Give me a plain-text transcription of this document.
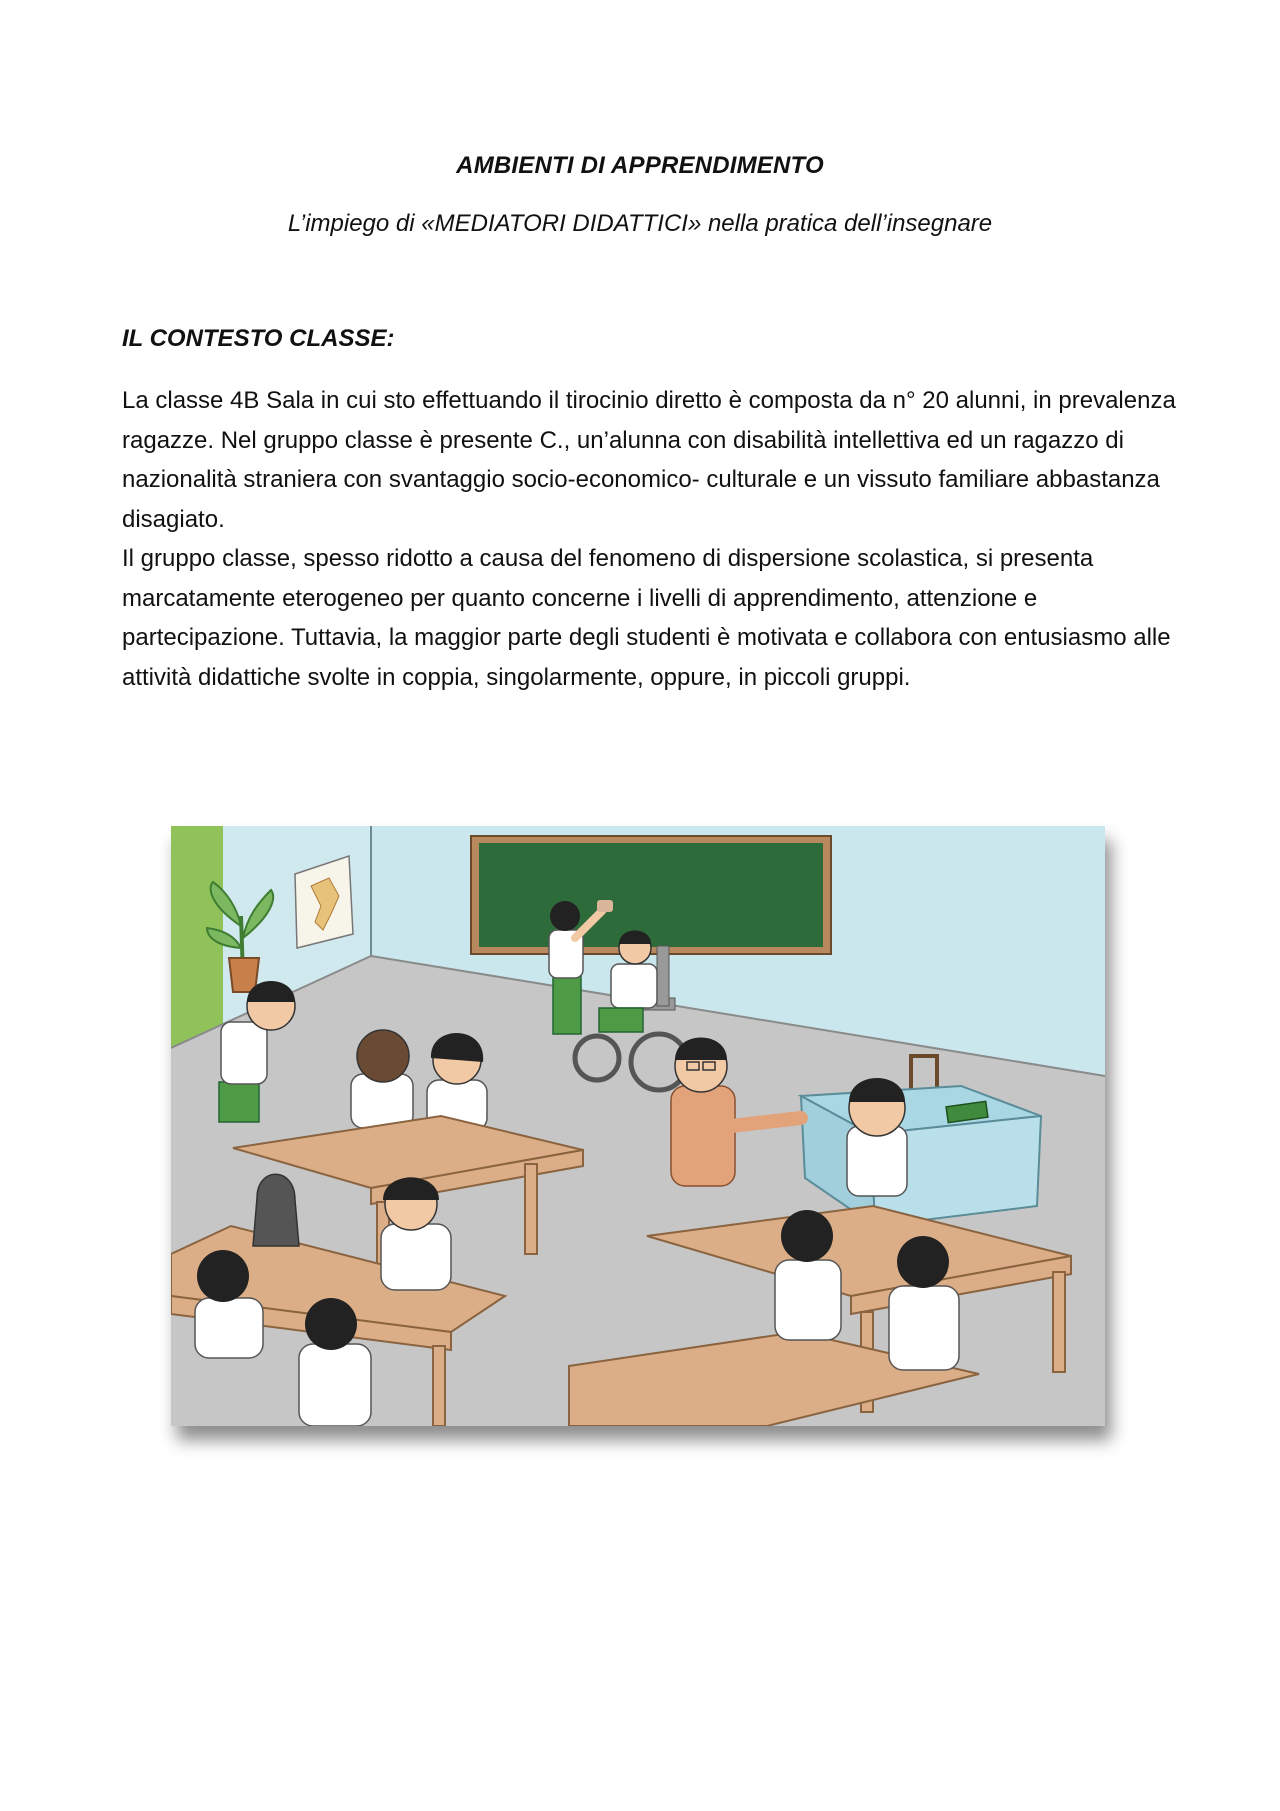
AMBIENTI DI APPRENDIMENTO
L’impiego di «MEDIATORI DIDATTICI» nella pratica dell’insegnare
IL CONTESTO CLASSE:

La classe 4B Sala in cui sto effettuando il tirocinio diretto è composta da n° 20 alunni, in prevalenza ragazze. Nel gruppo classe è presente C., un’alunna con disabilità intellettiva ed un ragazzo di nazionalità straniera con svantaggio socio-economico- culturale e un vissuto familiare abbastanza disagiato.

Il gruppo classe, spesso ridotto a causa del fenomeno di dispersione scolastica, si presenta marcatamente eterogeneo per quanto concerne i livelli di apprendimento, attenzione e partecipazione. Tuttavia, la maggior parte degli studenti è motivata e collabora con entusiasmo alle attività didattiche svolte in coppia, singolarmente, oppure, in piccoli gruppi.
